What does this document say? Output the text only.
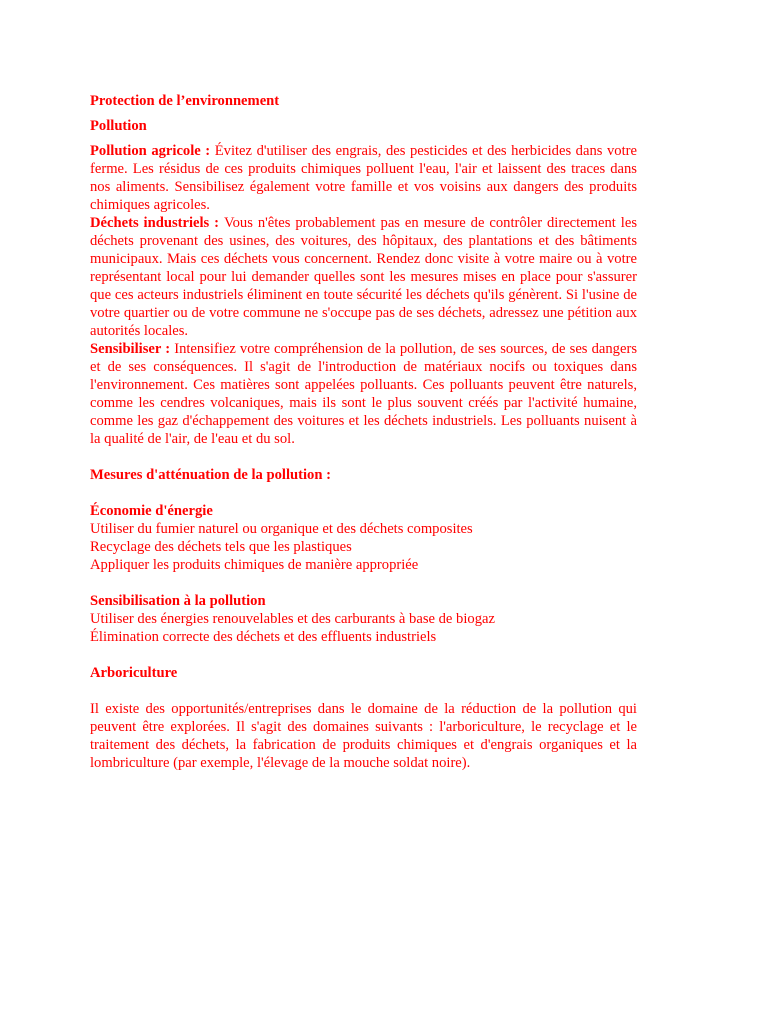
Protection de l’environnement

Pollution

Pollution agricole : Évitez d'utiliser des engrais, des pesticides et des herbicides dans votre ferme. Les résidus de ces produits chimiques polluent l'eau, l'air et laissent des traces dans nos aliments. Sensibilisez également votre famille et vos voisins aux dangers des produits chimiques agricoles.

Déchets industriels : Vous n'êtes probablement pas en mesure de contrôler directement les déchets provenant des usines, des voitures, des hôpitaux, des plantations et des bâtiments municipaux. Mais ces déchets vous concernent. Rendez donc visite à votre maire ou à votre représentant local pour lui demander quelles sont les mesures mises en place pour s'assurer que ces acteurs industriels éliminent en toute sécurité les déchets qu'ils génèrent. Si l'usine de votre quartier ou de votre commune ne s'occupe pas de ses déchets, adressez une pétition aux autorités locales.

Sensibiliser : Intensifiez votre compréhension de la pollution, de ses sources, de ses dangers et de ses conséquences. Il s'agit de l'introduction de matériaux nocifs ou toxiques dans l'environnement. Ces matières sont appelées polluants. Ces polluants peuvent être naturels, comme les cendres volcaniques, mais ils sont le plus souvent créés par l'activité humaine, comme les gaz d'échappement des voitures et les déchets industriels. Les polluants nuisent à la qualité de l'air, de l'eau et du sol.

Mesures d'atténuation de la pollution :

Économie d'énergie

Utiliser du fumier naturel ou organique et des déchets composites
Recyclage des déchets tels que les plastiques
Appliquer les produits chimiques de manière appropriée

Sensibilisation à la pollution

Utiliser des énergies renouvelables et des carburants à base de biogaz
Élimination correcte des déchets et des effluents industriels

Arboriculture

Il existe des opportunités/entreprises dans le domaine de la réduction de la pollution qui peuvent être explorées. Il s'agit des domaines suivants : l'arboriculture, le recyclage et le traitement des déchets, la fabrication de produits chimiques et d'engrais organiques et la lombriculture (par exemple, l'élevage de la mouche soldat noire).
